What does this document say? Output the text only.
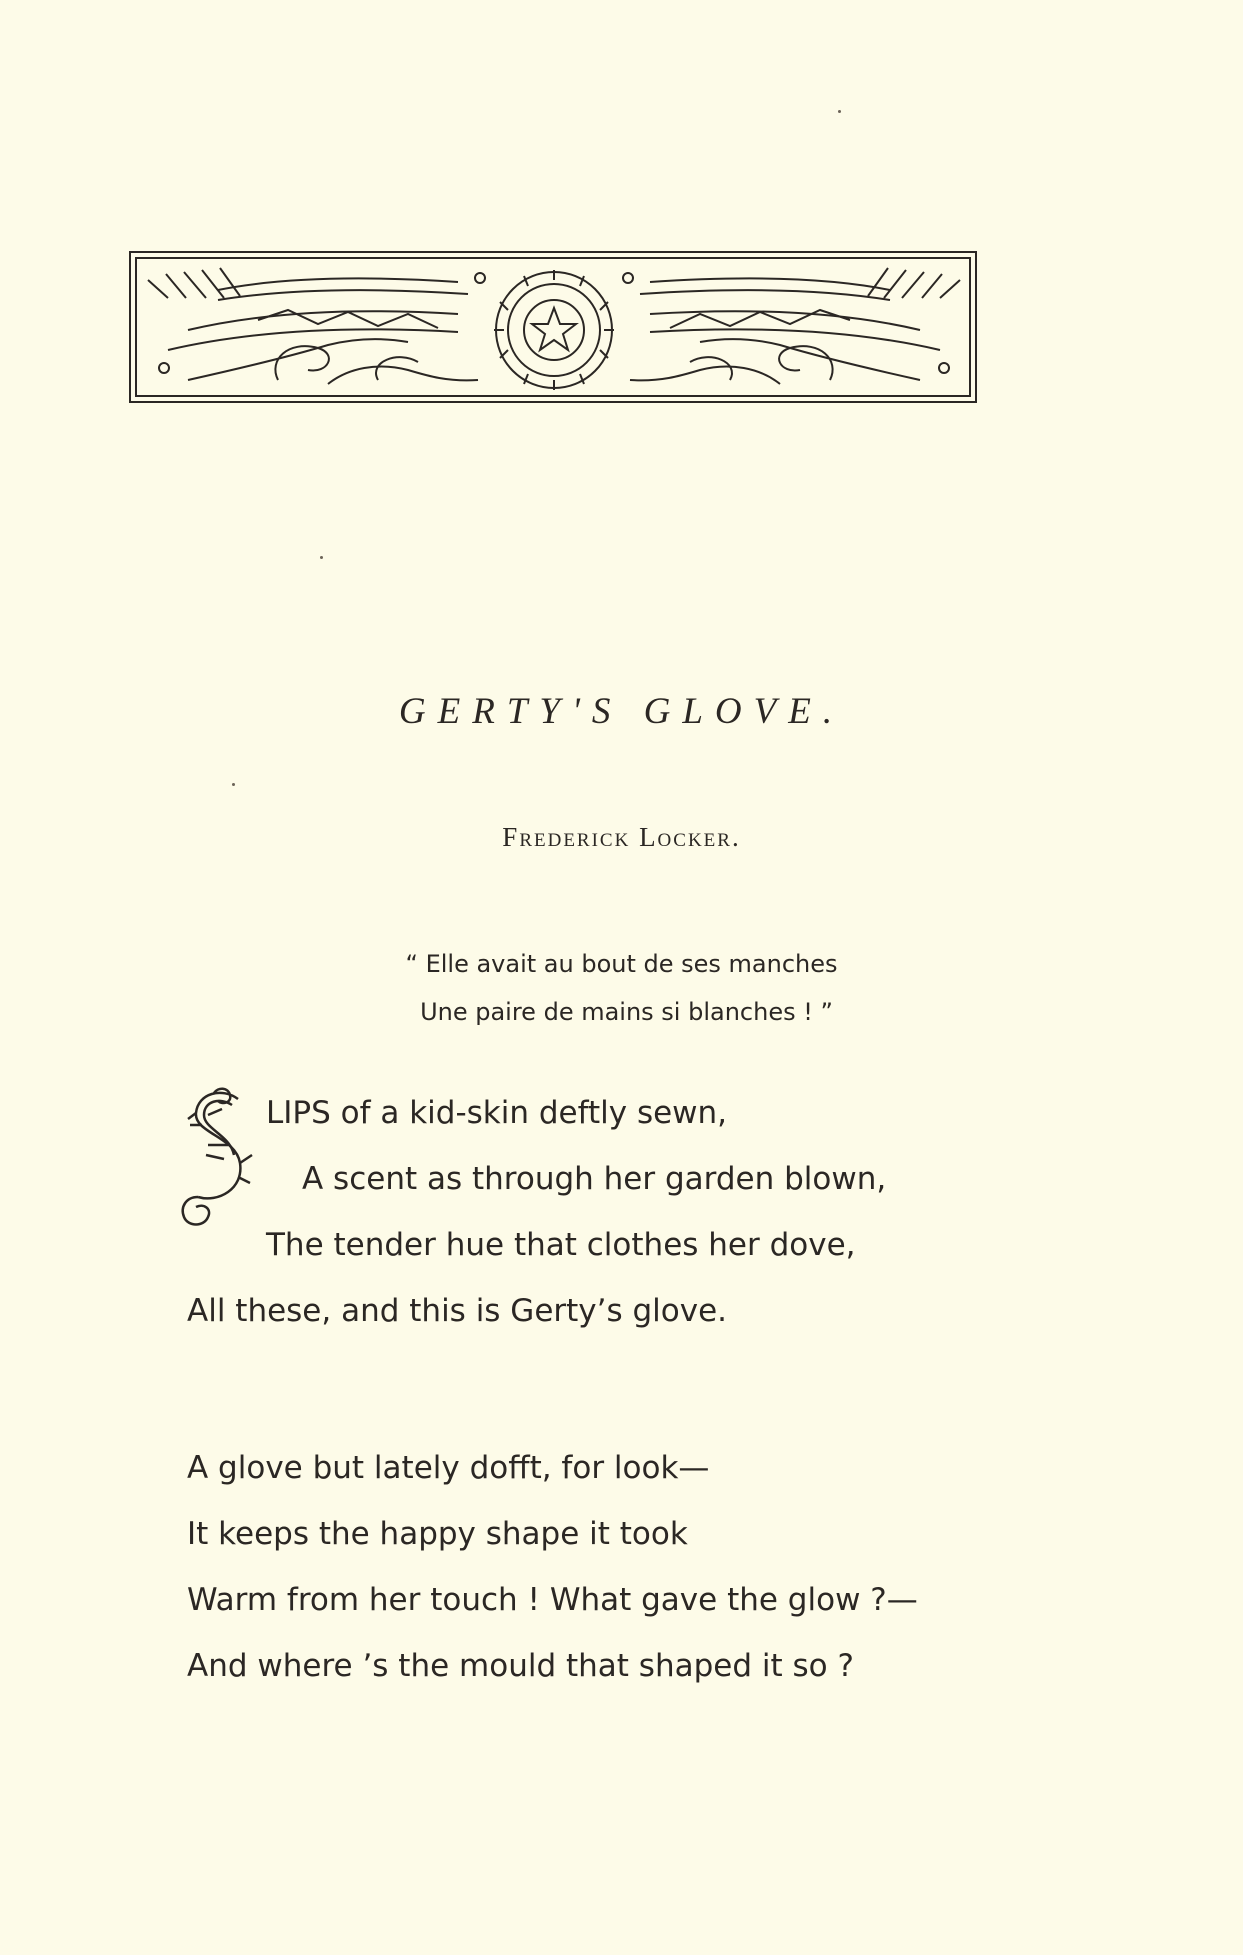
GERTY'S GLOVE.
Frederick Locker.
“ Elle avait au bout de ses manches
Une paire de mains si blanches ! ”
LIPS of a kid-skin deftly sewn,
A scent as through her garden blown,
The tender hue that clothes her dove,
All these, and this is Gerty’s glove.
A glove but lately dofft, for look—
It keeps the happy shape it took
Warm from her touch ! What gave the glow ?—
And where ’s the mould that shaped it so ?
